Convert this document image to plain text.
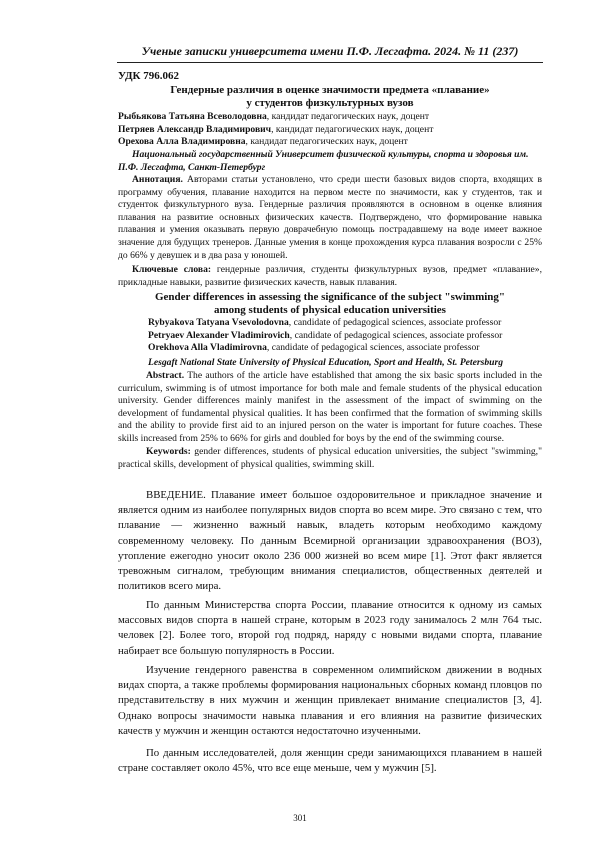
Ученые записки университета имени П.Ф. Лесгафта. 2024. № 11 (237)
УДК 796.062
Гендерные различия в оценке значимости предмета «плавание»
у студентов физкультурных вузов
Рыбьякова Татьяна Всеволодовна, кандидат педагогических наук, доцент
Петряев Александр Владимирович, кандидат педагогических наук, доцент
Орехова Алла Владимировна, кандидат педагогических наук, доцент
Национальный государственный Университет физической культуры, спорта и здоровья им. П.Ф. Лесгафта, Санкт-Петербург
Аннотация. Авторами статьи установлено, что среди шести базовых видов спорта, входящих в программу обучения, плавание находится на первом месте по значимости, как у студентов, так и студенток физкультурного вуза. Гендерные различия проявляются в основном в оценке влияния плавания на развитие основных физических качеств. Подтверждено, что формирование навыка плавания и умения оказывать первую доврачебную помощь пострадавшему на воде имеет важное значение для будущих тренеров. Данные умения в конце прохождения курса плавания возросли с 25% до 66% у девушек и в два раза у юношей.
Ключевые слова: гендерные различия, студенты физкультурных вузов, предмет «плавание», прикладные навыки, развитие физических качеств, навык плавания.
Gender differences in assessing the significance of the subject "swimming"
among students of physical education universities
Rybyakova Tatyana Vsevolodovna, candidate of pedagogical sciences, associate professor
Petryaev Alexander Vladimirovich, candidate of pedagogical sciences, associate professor
Orekhova Alla Vladimirovna, candidate of pedagogical sciences, associate professor
Lesgaft National State University of Physical Education, Sport and Health, St. Petersburg
Abstract. The authors of the article have established that among the six basic sports included in the curriculum, swimming is of utmost importance for both male and female students of the physical education university. Gender differences mainly manifest in the assessment of the impact of swimming on the development of fundamental physical qualities. It has been confirmed that the formation of swimming skills and the ability to provide first aid to an injured person on the water is important for future coaches. These skills increased from 25% to 66% for girls and doubled for boys by the end of the swimming course.
Keywords: gender differences, students of physical education universities, the subject "swimming," practical skills, development of physical qualities, swimming skill.
ВВЕДЕНИЕ. Плавание имеет большое оздоровительное и прикладное значение и является одним из наиболее популярных видов спорта во всем мире. Это связано с тем, что плавание — жизненно важный навык, владеть которым необходимо каждому современному человеку. По данным Всемирной организации здравоохранения (ВОЗ), утопление ежегодно уносит около 236 000 жизней во всем мире [1]. Этот факт является тревожным сигналом, требующим внимания специалистов, общественных деятелей и политиков всего мира.
По данным Министерства спорта России, плавание относится к одному из самых массовых видов спорта в нашей стране, которым в 2023 году занималось 2 млн 764 тыс. человек [2]. Более того, второй год подряд, наряду с новыми видами спорта, плавание набирает все большую популярность в России.
Изучение гендерного равенства в современном олимпийском движении в водных видах спорта, а также проблемы формирования национальных сборных команд пловцов по представительству в них мужчин и женщин привлекает внимание специалистов [3, 4]. Однако вопросы значимости навыка плавания и его влияния на развитие физических качеств у мужчин и женщин остаются недостаточно изученными.
По данным исследователей, доля женщин среди занимающихся плаванием в нашей стране составляет около 45%, что все еще меньше, чем у мужчин [5].
301
